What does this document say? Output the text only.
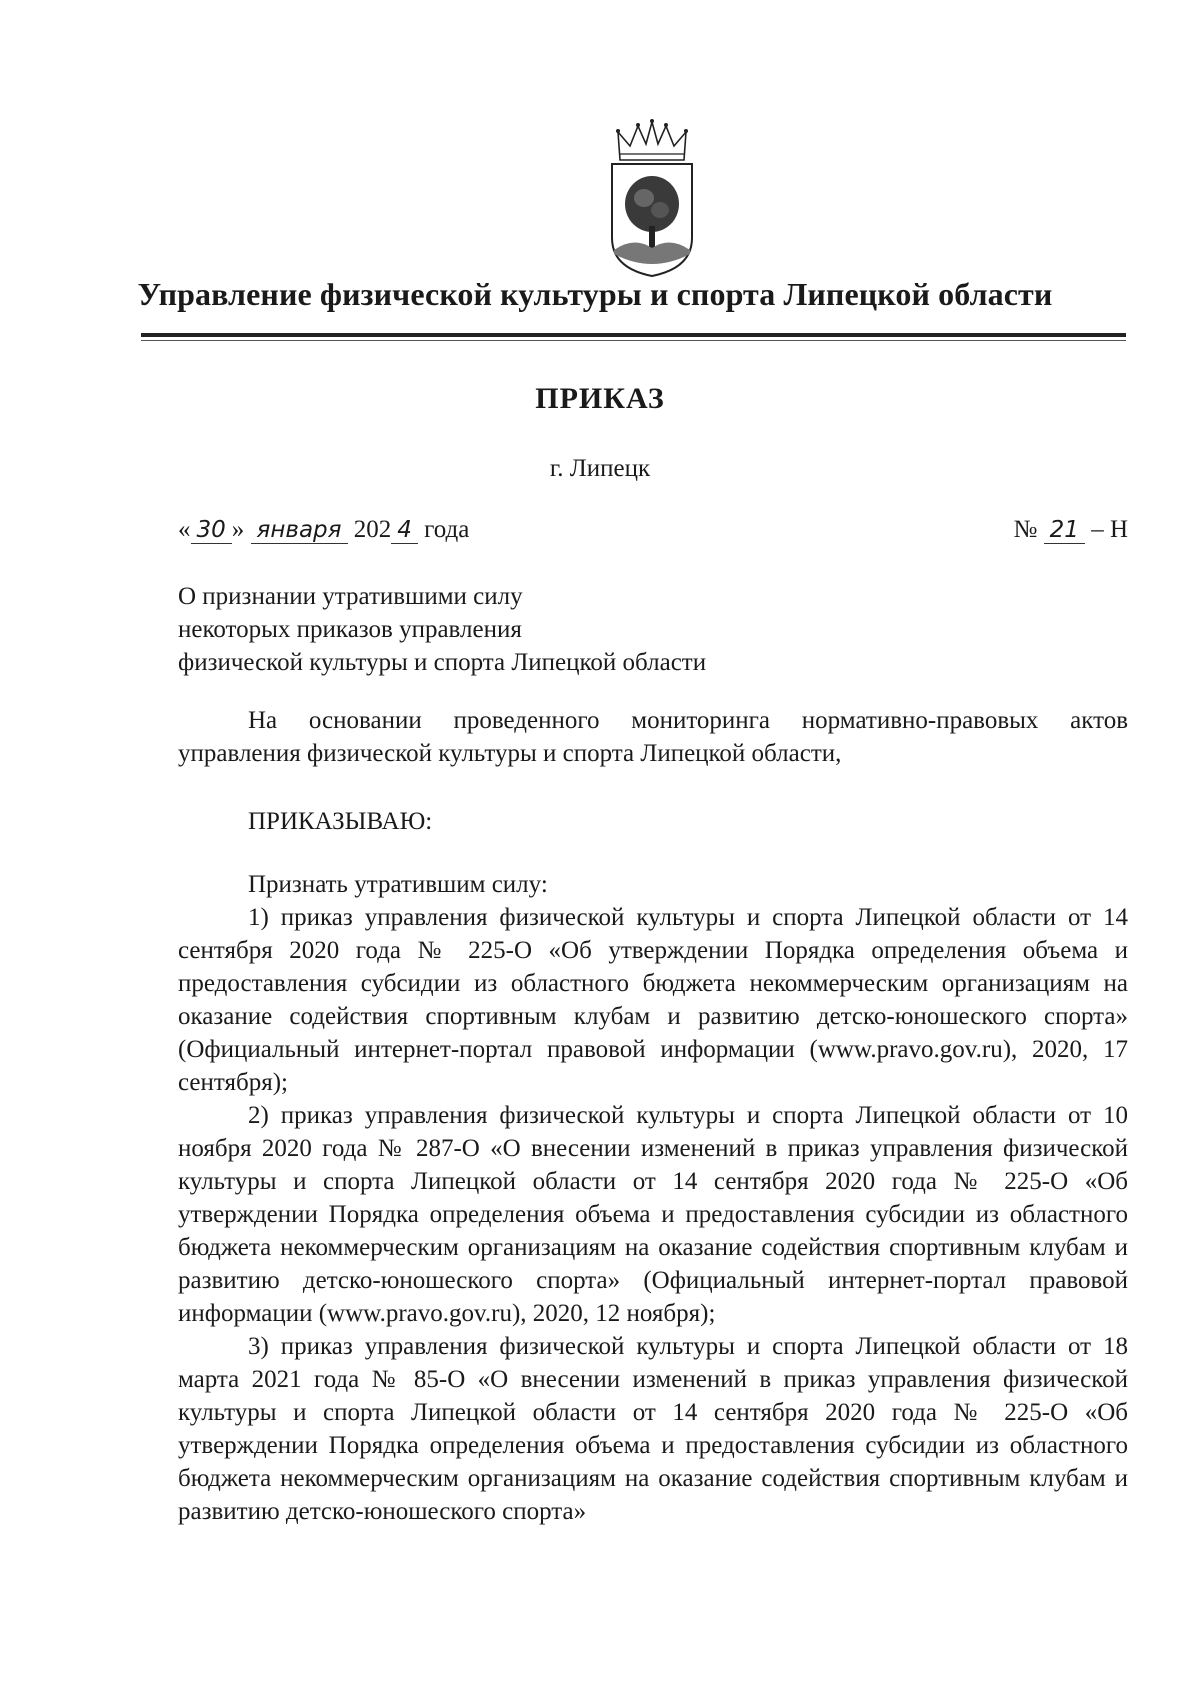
Управление физической культуры и спорта Липецкой области
ПРИКАЗ
г. Липецк
« 30 » января 202 4 года	№ 21 – Н
О признании утратившими силу
некоторых приказов управления
физической культуры и спорта Липецкой области

На основании проведенного мониторинга нормативно-правовых актов управления физической культуры и спорта Липецкой области,

ПРИКАЗЫВАЮ:

Признать утратившим силу:

1) приказ управления физической культуры и спорта Липецкой области от 14 сентября 2020 года № 225-О «Об утверждении Порядка определения объема и предоставления субсидии из областного бюджета некоммерческим организациям на оказание содействия спортивным клубам и развитию детско-юношеского спорта» (Официальный интернет-портал правовой информации (www.pravo.gov.ru), 2020, 17 сентября);

2) приказ управления физической культуры и спорта Липецкой области от 10 ноября 2020 года № 287-О «О внесении изменений в приказ управления физической культуры и спорта Липецкой области от 14 сентября 2020 года № 225-О «Об утверждении Порядка определения объема и предоставления субсидии из областного бюджета некоммерческим организациям на оказание содействия спортивным клубам и развитию детско-юношеского спорта» (Официальный интернет-портал правовой информации (www.pravo.gov.ru), 2020, 12 ноября);

3) приказ управления физической культуры и спорта Липецкой области от 18 марта 2021 года № 85-О «О внесении изменений в приказ управления физической культуры и спорта Липецкой области от 14 сентября 2020 года № 225-О «Об утверждении Порядка определения объема и предоставления субсидии из областного бюджета некоммерческим организациям на оказание содействия спортивным клубам и развитию детско-юношеского спорта»
